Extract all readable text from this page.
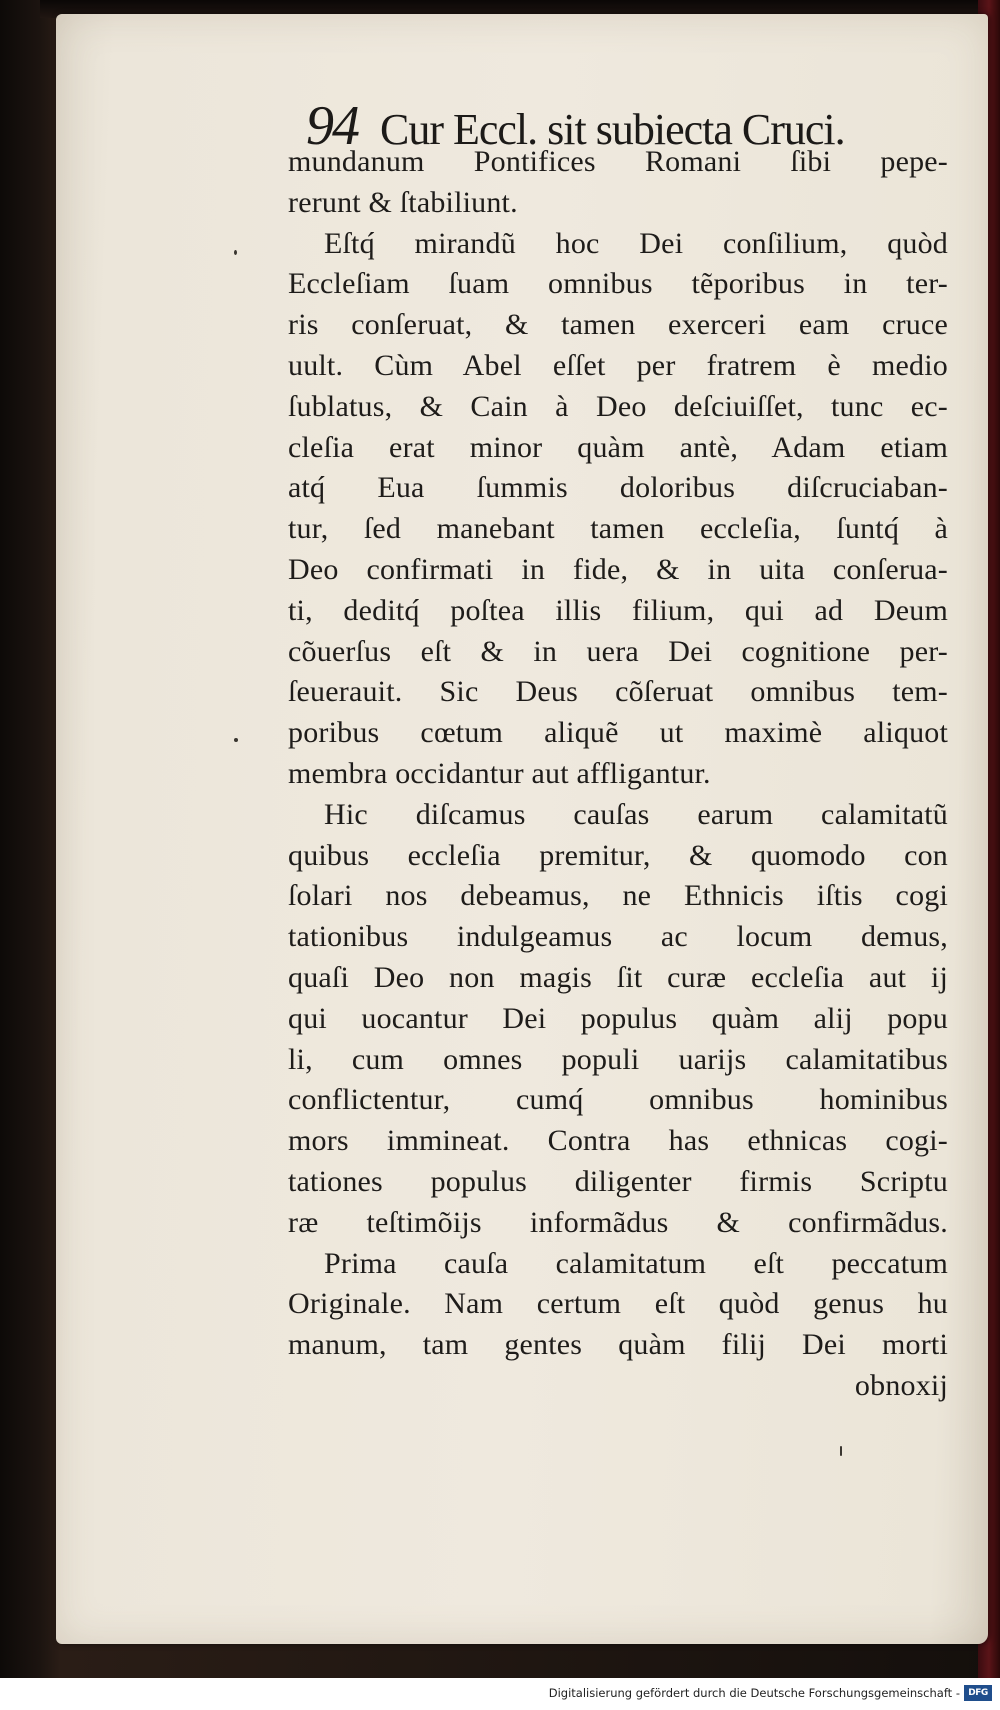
94 Cur Eccl. sit subiecta Cruci.
mundanum Pontifices Romani ſibi pepe-
rerunt & ſtabiliunt.
Eſtq́ mirandũ hoc Dei conſilium, quòd
Eccleſiam ſuam omnibus tẽporibus in ter-
ris conſeruat, & tamen exerceri eam cruce
uult. Cùm Abel eſſet per fratrem è medio
ſublatus, & Cain à Deo deſciuiſſet, tunc ec-
cleſia erat minor quàm antè, Adam etiam
atq́ Eua ſummis doloribus diſcruciaban-
tur, ſed manebant tamen eccleſia, ſuntq́ à
Deo confirmati in fide, & in uita conſerua-
ti, deditq́ poſtea illis filium, qui ad Deum
cõuerſus eſt & in uera Dei cognitione per-
ſeuerauit. Sic Deus cõſeruat omnibus tem-
poribus cœtum aliquẽ ut maximè aliquot
membra occidantur aut affligantur.
Hic diſcamus cauſas earum calamitatũ
quibus eccleſia premitur, & quomodo con
ſolari nos debeamus, ne Ethnicis iſtis cogi
tationibus indulgeamus ac locum demus,
quaſi Deo non magis ſit curæ eccleſia aut ij
qui uocantur Dei populus quàm alij popu
li, cum omnes populi uarijs calamitatibus
conflictentur, cumq́ omnibus hominibus
mors immineat. Contra has ethnicas cogi-
tationes populus diligenter firmis Scriptu
ræ teſtimõijs informãdus & confirmãdus.
Prima cauſa calamitatum eſt peccatum
Originale. Nam certum eſt quòd genus hu
manum, tam gentes quàm filij Dei morti
obnoxij
Digitalisierung gefördert durch die Deutsche Forschungsgemeinschaft - DFG
